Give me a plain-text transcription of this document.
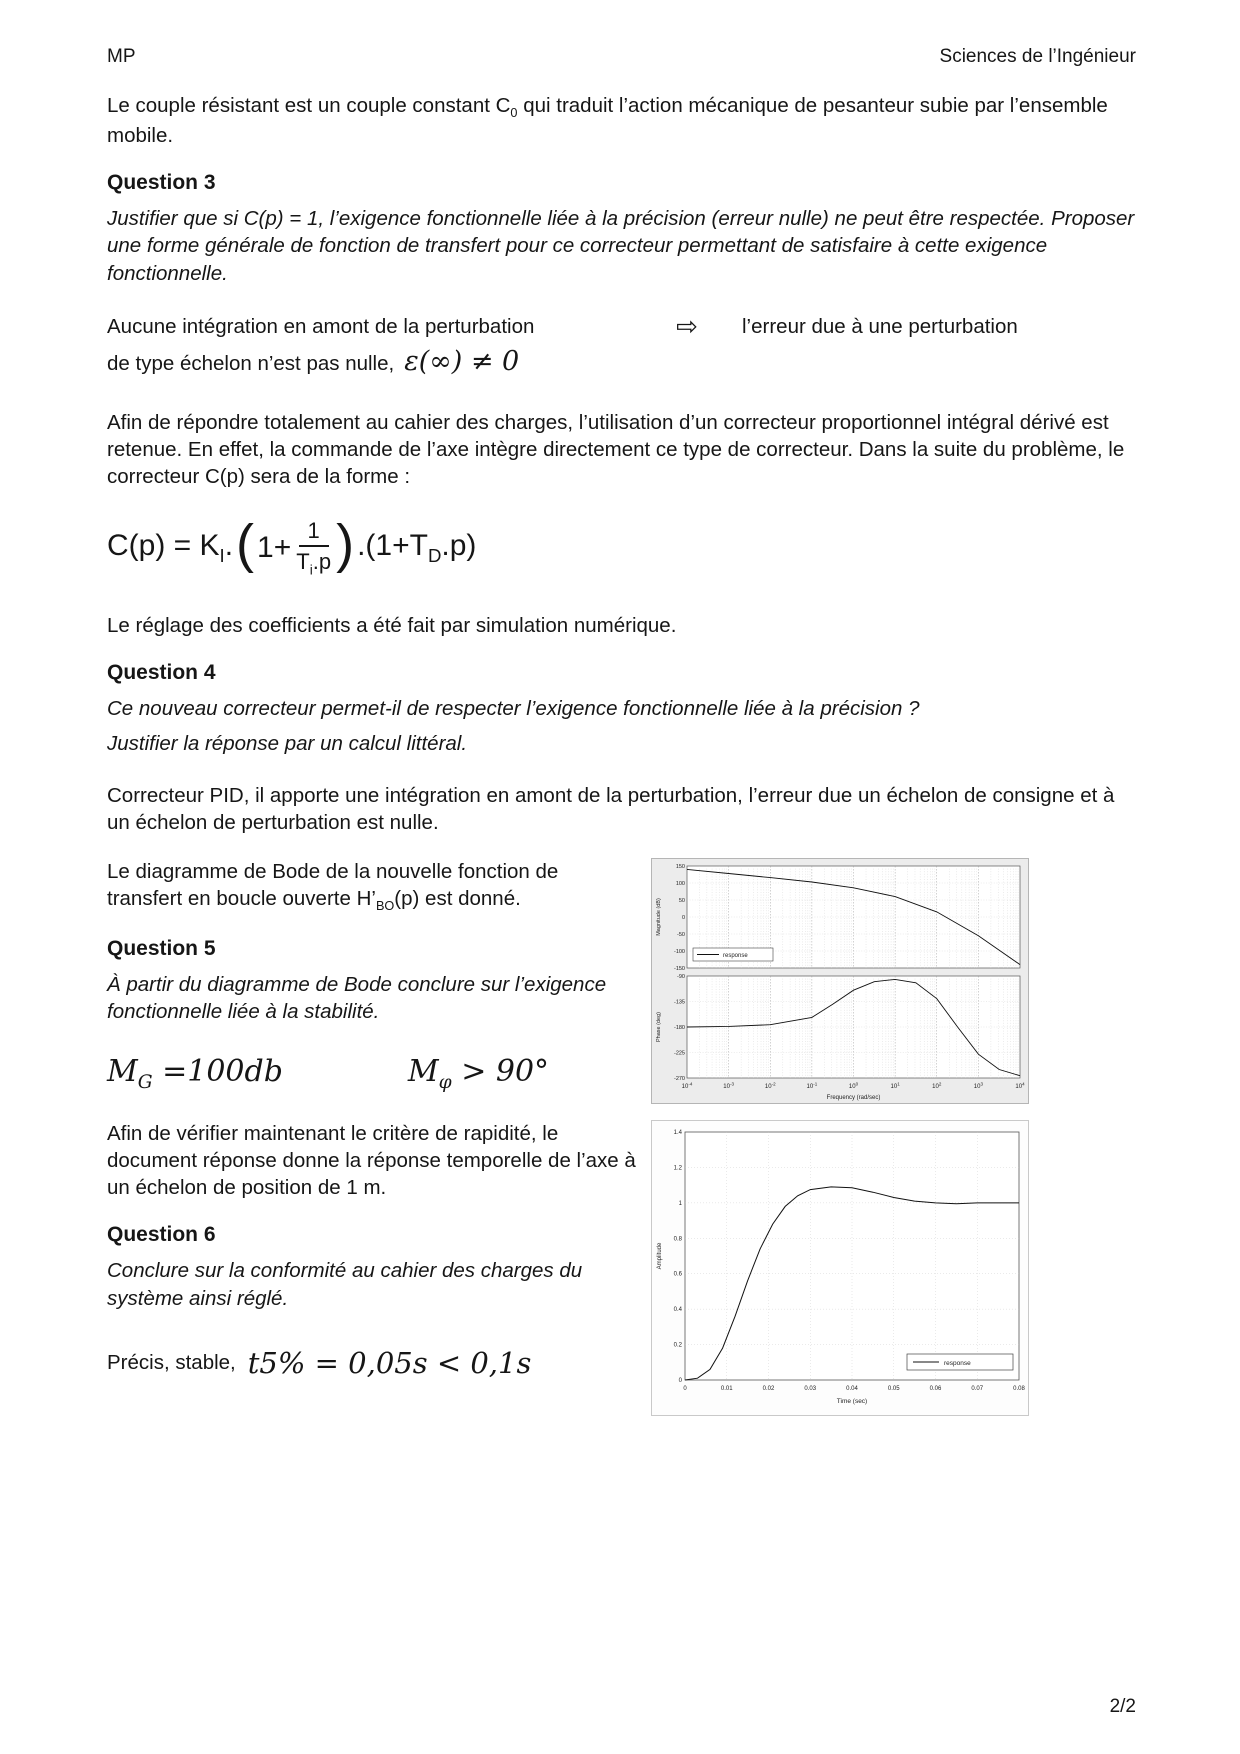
MP	Sciences de l’Ingénieur

Le couple résistant est un couple constant $C_0$ qui traduit l’action mécanique de pesanteur subie par l’ensemble mobile.

Question 3

Justifier que si C(p) = 1, l’exigence fonctionnelle liée à la précision (erreur nulle) ne peut être respectée. Proposer une forme générale de fonction de transfert pour ce correcteur permettant de satisfaire à cette exigence fonctionnelle.

Aucune intégration en amont de la perturbation	⇨	l’erreur due à une perturbation
de type échelon n’est pas nulle, ε(∞) ≠ 0

Afin de répondre totalement au cahier des charges, l’utilisation d’un correcteur proportionnel intégral dérivé est retenue. En effet, la commande de l’axe intègre directement ce type de correcteur. Dans la suite du problème, le correcteur C(p) sera de la forme :

$C(p) = K_I$. ( $1+ \frac{1}{T_i.p}$ ) $.(1+T_D.p)$

Le réglage des coefficients a été fait par simulation numérique.

Question 4

Ce nouveau correcteur permet-il de respecter l’exigence fonctionnelle liée à la précision ?

Justifier la réponse par un calcul littéral.

Correcteur PID, il apporte une intégration en amont de la perturbation, l’erreur due un échelon de consigne et à un échelon de perturbation est nulle.

Le diagramme de Bode de la nouvelle fonction de transfert en boucle ouverte $H’_{BO}(p)$ est donné.

Question 5

À partir du diagramme de Bode conclure sur l’exigence fonctionnelle liée à la stabilité.

$M_G =100db$	$M_\varphi > 90^\circ$
150
100
50
0
-50
-100
-150
Magnitude (dB)
-90
-135
-180
-225
-270
Phase (deg)
$10^{-4}$	$10^{-3}$	$10^{-2}$	$10^{-1}$	$10^0$	$10^1$	$10^2$	$10^3$	$10^4$
Frequency (rad/sec)
response

Afin de vérifier maintenant le critère de rapidité, le document réponse donne la réponse temporelle de l’axe à un échelon de position de 1 m.

Question 6

Conclure sur la conformité au cahier des charges du système ainsi réglé.

Précis, stable, t5% = 0,05s < 0,1s
0	0.01	0.02	0.03	0.04	0.05	0.06	0.07	0.08
0
0.2
0.4
0.6
0.8
1
1.2
1.4
Amplitude
Time (sec)
response
2/2
